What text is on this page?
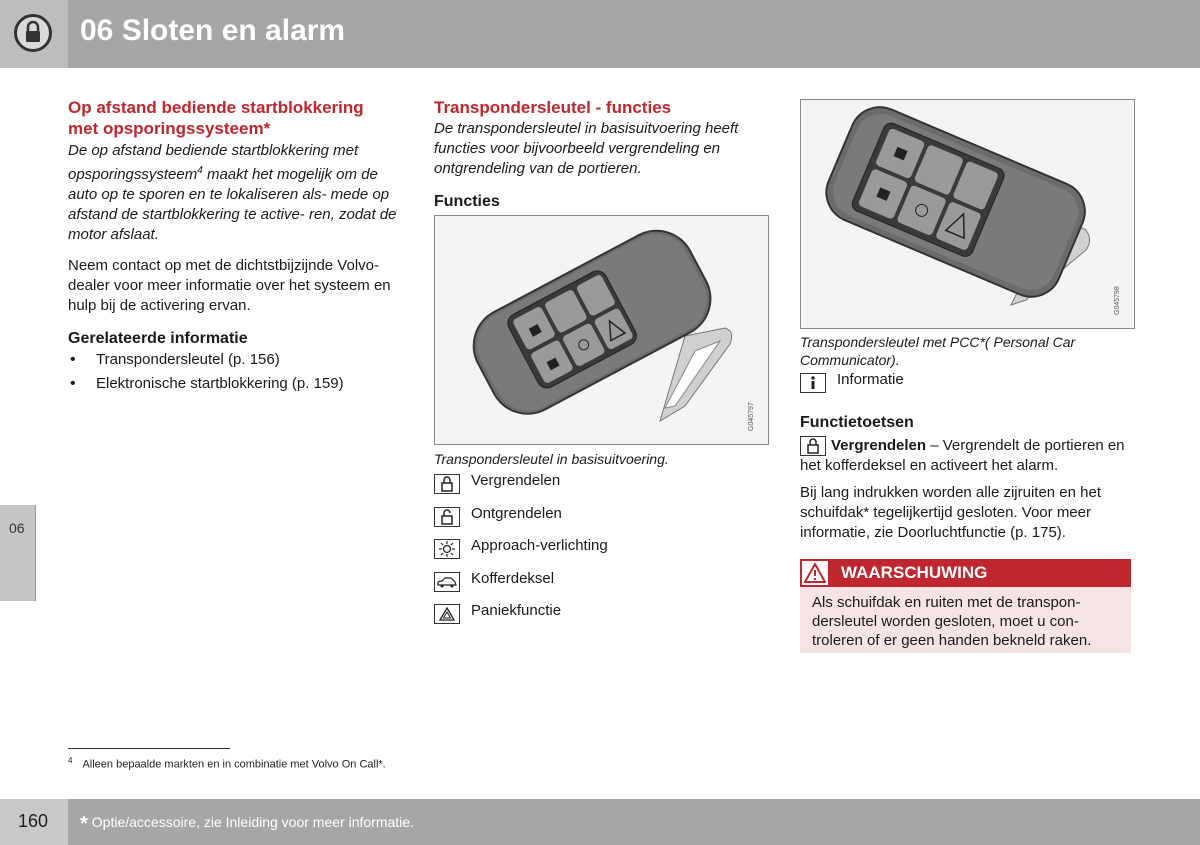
06 Sloten en alarm
06
Op afstand bediende startblokkering met opsporingssysteem*

De op afstand bediende startblokkering met opsporingssysteem$^4$ maakt het mogelijk om de auto op te sporen en te lokaliseren als- mede op afstand de startblokkering te active- ren, zodat de motor afslaat.

Neem contact op met de dichtstbijzijnde Volvo-dealer voor meer informatie over het systeem en hulp bij de activering ervan.

Gerelateerde informatie
• Transpondersleutel (p. 156)
• Elektronische startblokkering (p. 159)
Transpondersleutel - functies

De transpondersleutel in basisuitvoering heeft functies voor bijvoorbeeld vergrendeling en ontgrendeling van de portieren.

Functies
G045797

Transpondersleutel in basisuitvoering.

Vergrendelen
Ontgrendelen
Approach-verlichting
Kofferdeksel
Paniekfunctie
G045798

Transpondersleutel met PCC*( Personal Car Communicator).

Informatie
Functietoetsen

Vergrendelen – Vergrendelt de portieren en het kofferdeksel en activeert het alarm.

Bij lang indrukken worden alle zijruiten en het schuifdak* tegelijkertijd gesloten. Voor meer informatie, zie Doorluchtfunctie (p. 175).

WAARSCHUWING
Als schuifdak en ruiten met de transpon- dersleutel worden gesloten, moet u con- troleren of er geen handen bekneld raken.
$^4$ Alleen bepaalde markten en in combinatie met Volvo On Call*.
160 * Optie/accessoire, zie Inleiding voor meer informatie.
